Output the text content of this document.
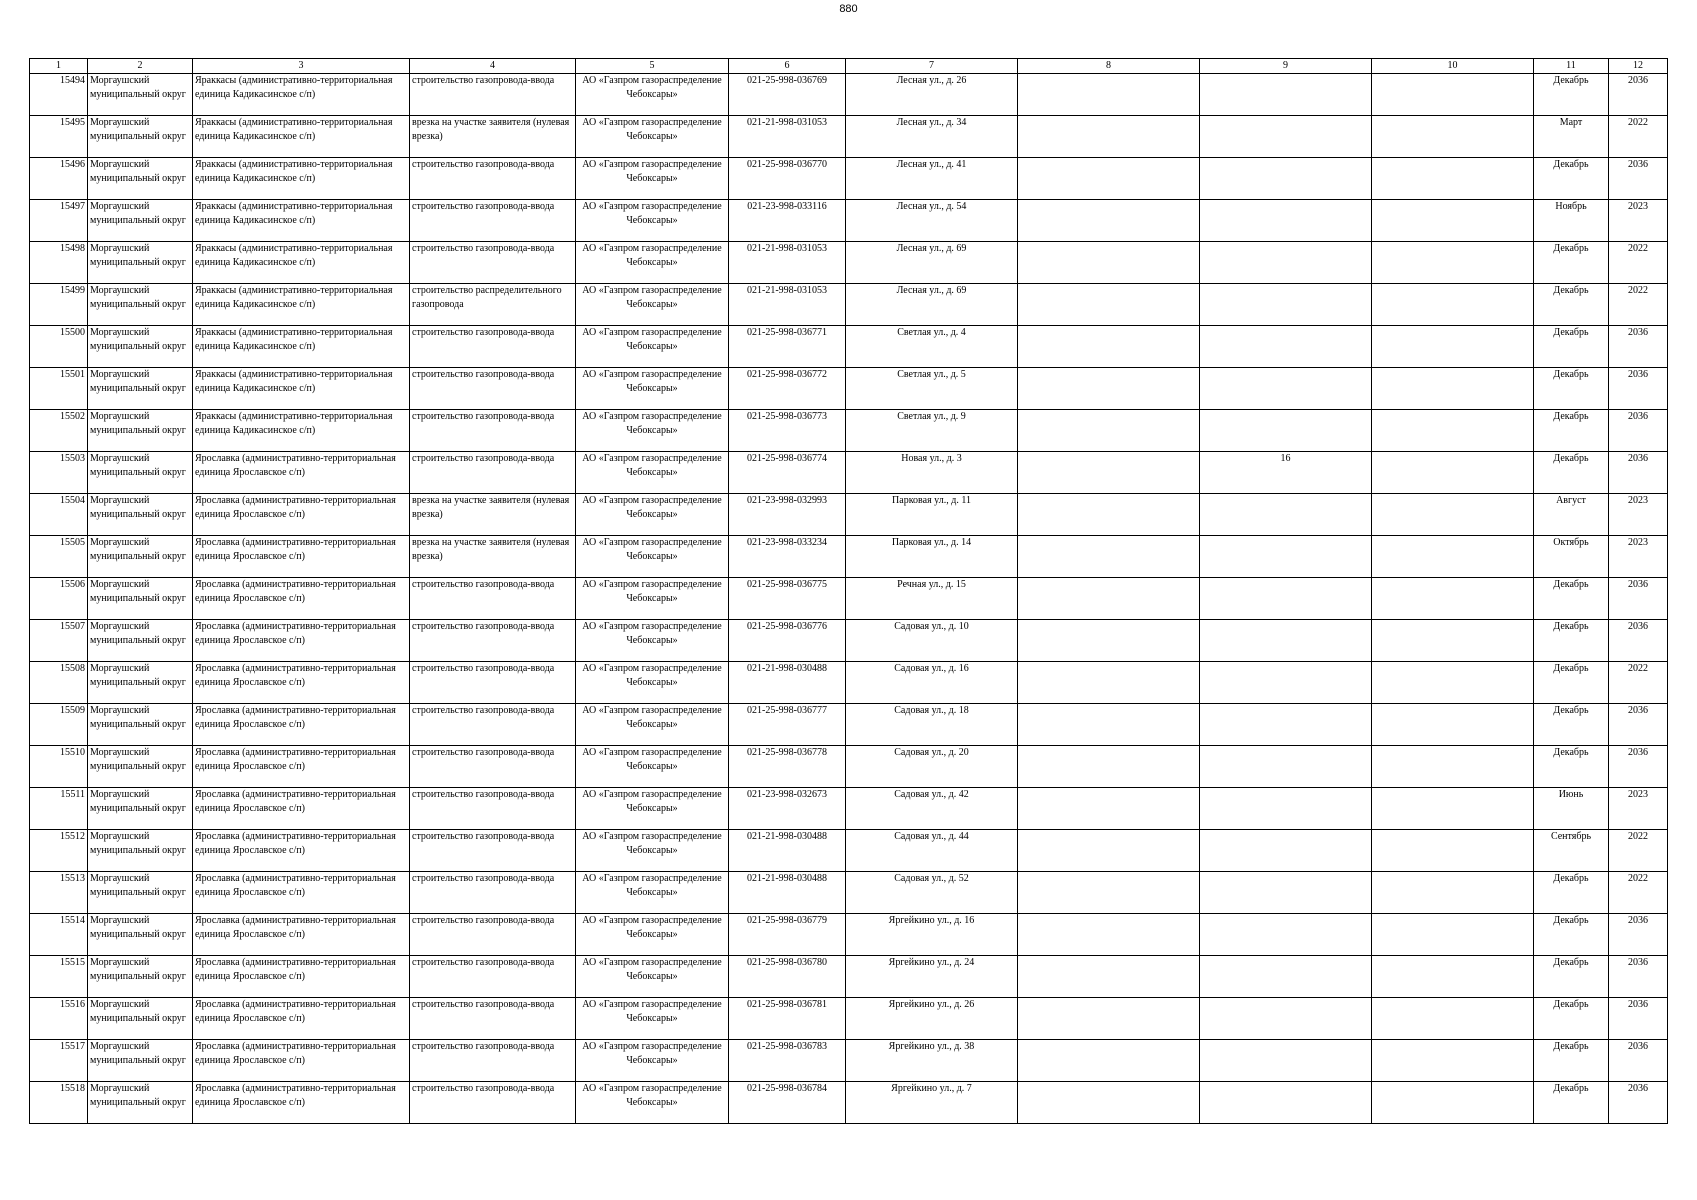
880
1	2	3	4	5	6	7	8	9	10	11	12

15494	Моргаушский муниципальный округ	Яраккасы (административно-территориальная единица Кадикасинское с/п)	строительство газопровода-ввода	АО «Газпром газораспределение Чебоксары»	021-25-998-036769	Лесная ул., д. 26				Декабрь	2036

15495	Моргаушский муниципальный округ	Яраккасы (административно-территориальная единица Кадикасинское с/п)	врезка на участке заявителя (нулевая врезка)	АО «Газпром газораспределение Чебоксары»	021-21-998-031053	Лесная ул., д. 34				Март	2022

15496	Моргаушский муниципальный округ	Яраккасы (административно-территориальная единица Кадикасинское с/п)	строительство газопровода-ввода	АО «Газпром газораспределение Чебоксары»	021-25-998-036770	Лесная ул., д. 41				Декабрь	2036

15497	Моргаушский муниципальный округ	Яраккасы (административно-территориальная единица Кадикасинское с/п)	строительство газопровода-ввода	АО «Газпром газораспределение Чебоксары»	021-23-998-033116	Лесная ул., д. 54				Ноябрь	2023

15498	Моргаушский муниципальный округ	Яраккасы (административно-территориальная единица Кадикасинское с/п)	строительство газопровода-ввода	АО «Газпром газораспределение Чебоксары»	021-21-998-031053	Лесная ул., д. 69				Декабрь	2022

15499	Моргаушский муниципальный округ	Яраккасы (административно-территориальная единица Кадикасинское с/п)	строительство распределительного газопровода	АО «Газпром газораспределение Чебоксары»	021-21-998-031053	Лесная ул., д. 69				Декабрь	2022

15500	Моргаушский муниципальный округ	Яраккасы (административно-территориальная единица Кадикасинское с/п)	строительство газопровода-ввода	АО «Газпром газораспределение Чебоксары»	021-25-998-036771	Светлая ул., д. 4				Декабрь	2036

15501	Моргаушский муниципальный округ	Яраккасы (административно-территориальная единица Кадикасинское с/п)	строительство газопровода-ввода	АО «Газпром газораспределение Чебоксары»	021-25-998-036772	Светлая ул., д. 5				Декабрь	2036

15502	Моргаушский муниципальный округ	Яраккасы (административно-территориальная единица Кадикасинское с/п)	строительство газопровода-ввода	АО «Газпром газораспределение Чебоксары»	021-25-998-036773	Светлая ул., д. 9				Декабрь	2036

15503	Моргаушский муниципальный округ	Ярославка (административно-территориальная единица Ярославское с/п)	строительство газопровода-ввода	АО «Газпром газораспределение Чебоксары»	021-25-998-036774	Новая ул., д. 3		16		Декабрь	2036

15504	Моргаушский муниципальный округ	Ярославка (административно-территориальная единица Ярославское с/п)	врезка на участке заявителя (нулевая врезка)	АО «Газпром газораспределение Чебоксары»	021-23-998-032993	Парковая ул., д. 11				Август	2023

15505	Моргаушский муниципальный округ	Ярославка (административно-территориальная единица Ярославское с/п)	врезка на участке заявителя (нулевая врезка)	АО «Газпром газораспределение Чебоксары»	021-23-998-033234	Парковая ул., д. 14				Октябрь	2023

15506	Моргаушский муниципальный округ	Ярославка (административно-территориальная единица Ярославское с/п)	строительство газопровода-ввода	АО «Газпром газораспределение Чебоксары»	021-25-998-036775	Речная ул., д. 15				Декабрь	2036

15507	Моргаушский муниципальный округ	Ярославка (административно-территориальная единица Ярославское с/п)	строительство газопровода-ввода	АО «Газпром газораспределение Чебоксары»	021-25-998-036776	Садовая ул., д. 10				Декабрь	2036

15508	Моргаушский муниципальный округ	Ярославка (административно-территориальная единица Ярославское с/п)	строительство газопровода-ввода	АО «Газпром газораспределение Чебоксары»	021-21-998-030488	Садовая ул., д. 16				Декабрь	2022

15509	Моргаушский муниципальный округ	Ярославка (административно-территориальная единица Ярославское с/п)	строительство газопровода-ввода	АО «Газпром газораспределение Чебоксары»	021-25-998-036777	Садовая ул., д. 18				Декабрь	2036

15510	Моргаушский муниципальный округ	Ярославка (административно-территориальная единица Ярославское с/п)	строительство газопровода-ввода	АО «Газпром газораспределение Чебоксары»	021-25-998-036778	Садовая ул., д. 20				Декабрь	2036

15511	Моргаушский муниципальный округ	Ярославка (административно-территориальная единица Ярославское с/п)	строительство газопровода-ввода	АО «Газпром газораспределение Чебоксары»	021-23-998-032673	Садовая ул., д. 42				Июнь	2023

15512	Моргаушский муниципальный округ	Ярославка (административно-территориальная единица Ярославское с/п)	строительство газопровода-ввода	АО «Газпром газораспределение Чебоксары»	021-21-998-030488	Садовая ул., д. 44				Сентябрь	2022

15513	Моргаушский муниципальный округ	Ярославка (административно-территориальная единица Ярославское с/п)	строительство газопровода-ввода	АО «Газпром газораспределение Чебоксары»	021-21-998-030488	Садовая ул., д. 52				Декабрь	2022

15514	Моргаушский муниципальный округ	Ярославка (административно-территориальная единица Ярославское с/п)	строительство газопровода-ввода	АО «Газпром газораспределение Чебоксары»	021-25-998-036779	Яргейкино ул., д. 16				Декабрь	2036

15515	Моргаушский муниципальный округ	Ярославка (административно-территориальная единица Ярославское с/п)	строительство газопровода-ввода	АО «Газпром газораспределение Чебоксары»	021-25-998-036780	Яргейкино ул., д. 24				Декабрь	2036

15516	Моргаушский муниципальный округ	Ярославка (административно-территориальная единица Ярославское с/п)	строительство газопровода-ввода	АО «Газпром газораспределение Чебоксары»	021-25-998-036781	Яргейкино ул., д. 26				Декабрь	2036

15517	Моргаушский муниципальный округ	Ярославка (административно-территориальная единица Ярославское с/п)	строительство газопровода-ввода	АО «Газпром газораспределение Чебоксары»	021-25-998-036783	Яргейкино ул., д. 38				Декабрь	2036

15518	Моргаушский муниципальный округ	Ярославка (административно-территориальная единица Ярославское с/п)	строительство газопровода-ввода	АО «Газпром газораспределение Чебоксары»	021-25-998-036784	Яргейкино ул., д. 7				Декабрь	2036
